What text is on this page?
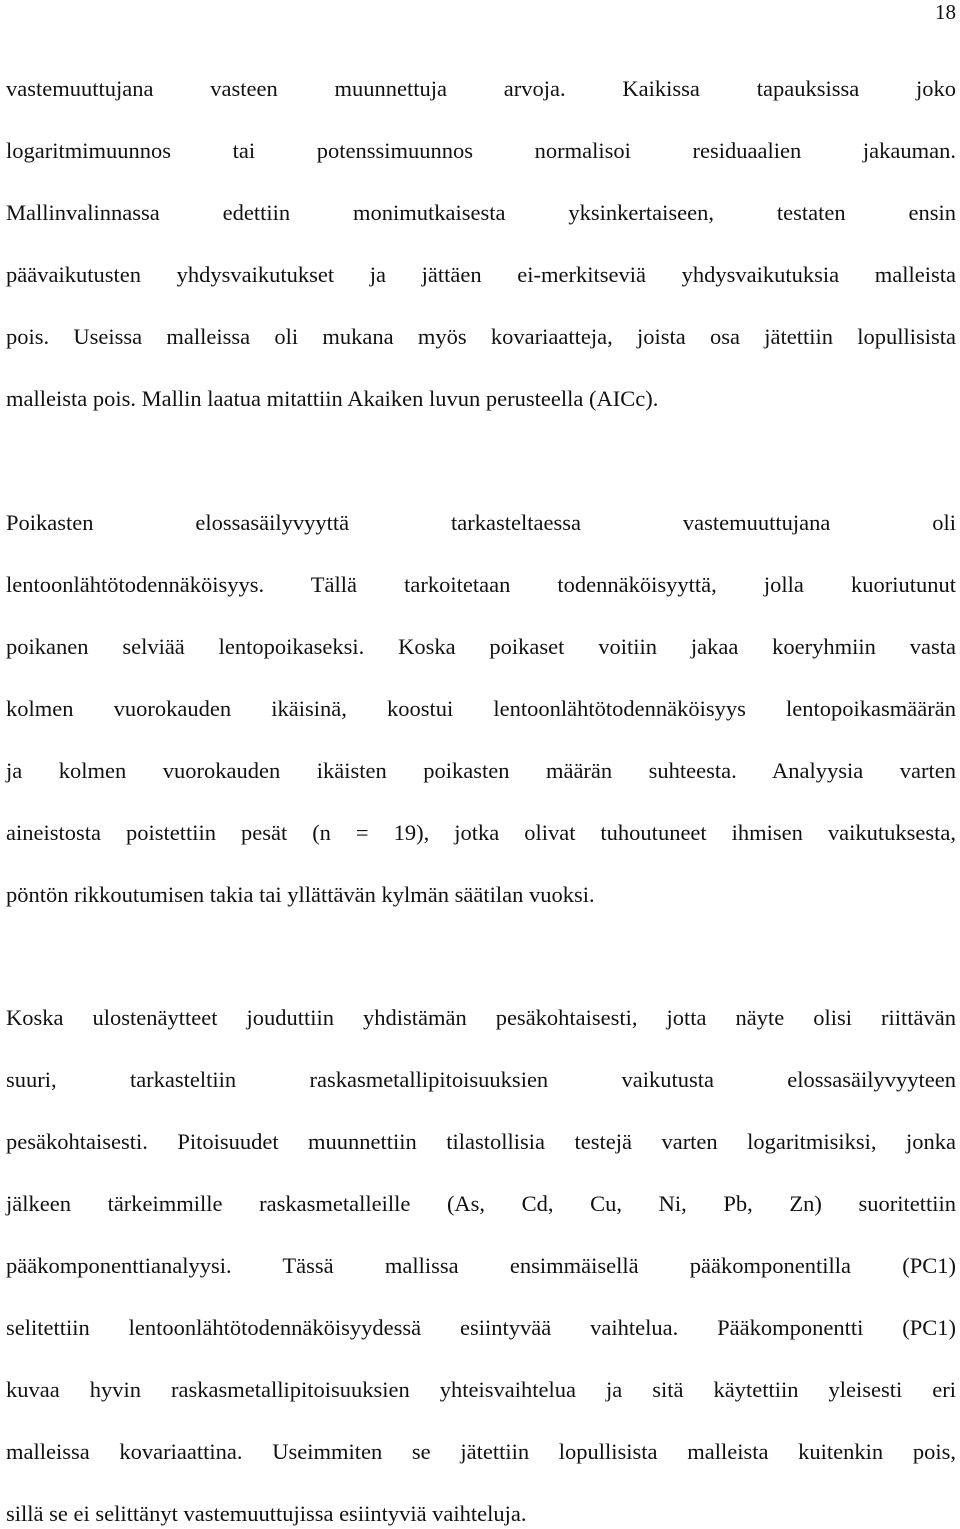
18
vastemuuttujana vasteen muunnettuja arvoja. Kaikissa tapauksissa joko
logaritmimuunnos tai potenssimuunnos normalisoi residuaalien jakauman.
Mallinvalinnassa edettiin monimutkaisesta yksinkertaiseen, testaten ensin
päävaikutusten yhdysvaikutukset ja jättäen ei-merkitseviä yhdysvaikutuksia malleista
pois. Useissa malleissa oli mukana myös kovariaatteja, joista osa jätettiin lopullisista
malleista pois. Mallin laatua mitattiin Akaiken luvun perusteella (AICc).
Poikasten elossasäilyvyyttä tarkasteltaessa vastemuuttujana oli
lentoonlähtötodennäköisyys. Tällä tarkoitetaan todennäköisyyttä, jolla kuoriutunut
poikanen selviää lentopoikaseksi. Koska poikaset voitiin jakaa koeryhmiin vasta
kolmen vuorokauden ikäisinä, koostui lentoonlähtötodennäköisyys lentopoikasmäärän
ja kolmen vuorokauden ikäisten poikasten määrän suhteesta. Analyysia varten
aineistosta poistettiin pesät (n = 19), jotka olivat tuhoutuneet ihmisen vaikutuksesta,
pöntön rikkoutumisen takia tai yllättävän kylmän säätilan vuoksi.
Koska ulostenäytteet jouduttiin yhdistämän pesäkohtaisesti, jotta näyte olisi riittävän
suuri, tarkasteltiin raskasmetallipitoisuuksien vaikutusta elossasäilyvyyteen
pesäkohtaisesti. Pitoisuudet muunnettiin tilastollisia testejä varten logaritmisiksi, jonka
jälkeen tärkeimmille raskasmetalleille (As, Cd, Cu, Ni, Pb, Zn) suoritettiin
pääkomponenttianalyysi. Tässä mallissa ensimmäisellä pääkomponentilla (PC1)
selitettiin lentoonlähtötodennäköisyydessä esiintyvää vaihtelua. Pääkomponentti (PC1)
kuvaa hyvin raskasmetallipitoisuuksien yhteisvaihtelua ja sitä käytettiin yleisesti eri
malleissa kovariaattina. Useimmiten se jätettiin lopullisista malleista kuitenkin pois,
sillä se ei selittänyt vastemuuttujissa esiintyviä vaihteluja.
